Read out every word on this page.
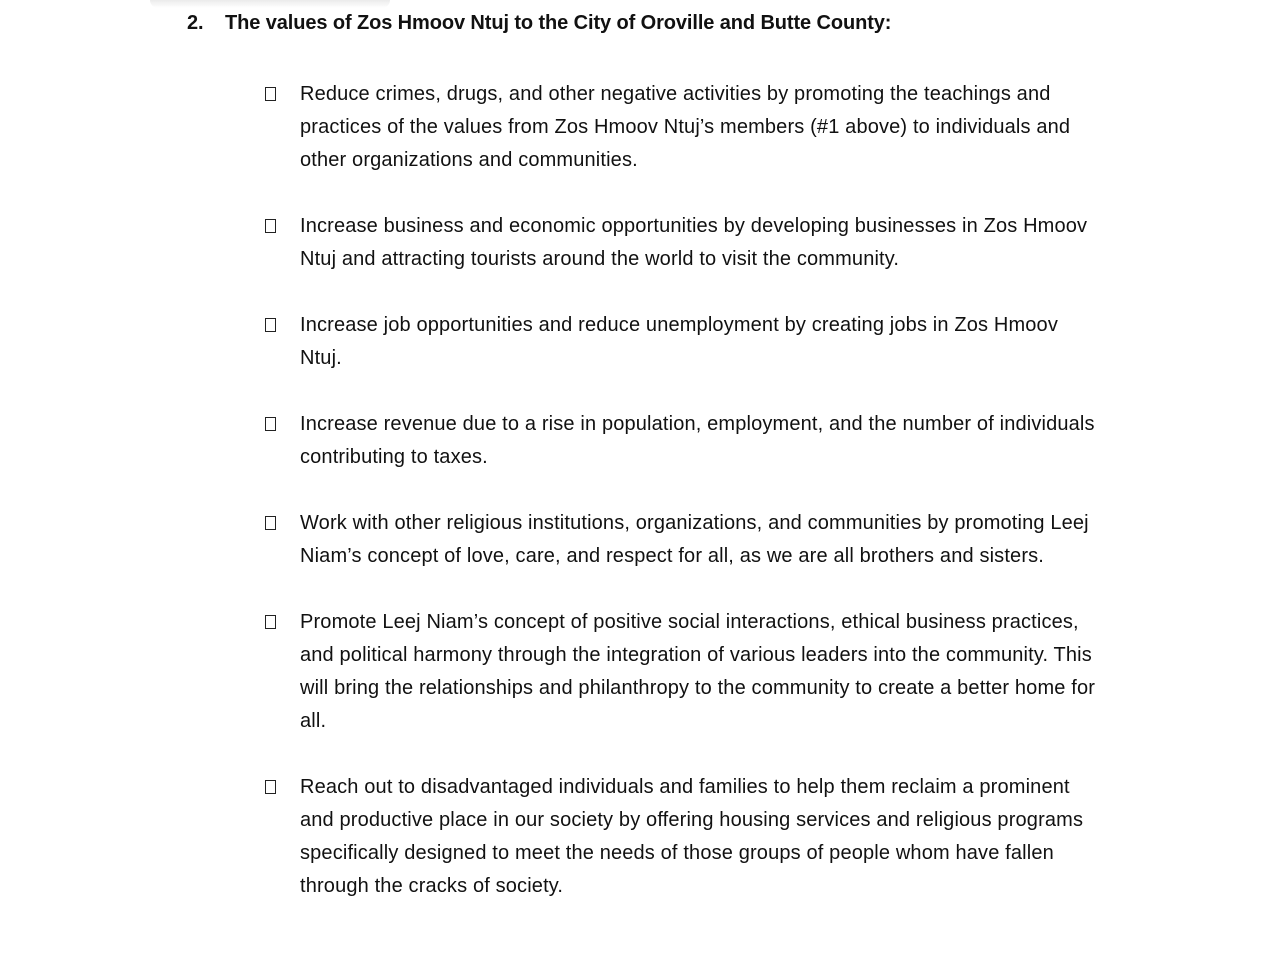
2. The values of Zos Hmoov Ntuj to the City of Oroville and Butte County:
Reduce crimes, drugs, and other negative activities by promoting the teachings and practices of the values from Zos Hmoov Ntuj’s members (#1 above) to individuals and other organizations and communities.
Increase business and economic opportunities by developing businesses in Zos Hmoov Ntuj and attracting tourists around the world to visit the community.
Increase job opportunities and reduce unemployment by creating jobs in Zos Hmoov Ntuj.
Increase revenue due to a rise in population, employment, and the number of individuals contributing to taxes.
Work with other religious institutions, organizations, and communities by promoting Leej Niam’s concept of love, care, and respect for all, as we are all brothers and sisters.
Promote Leej Niam’s concept of positive social interactions, ethical business practices, and political harmony through the integration of various leaders into the community. This will bring the relationships and philanthropy to the community to create a better home for all.
Reach out to disadvantaged individuals and families to help them reclaim a prominent and productive place in our society by offering housing services and religious programs specifically designed to meet the needs of those groups of people whom have fallen through the cracks of society.
